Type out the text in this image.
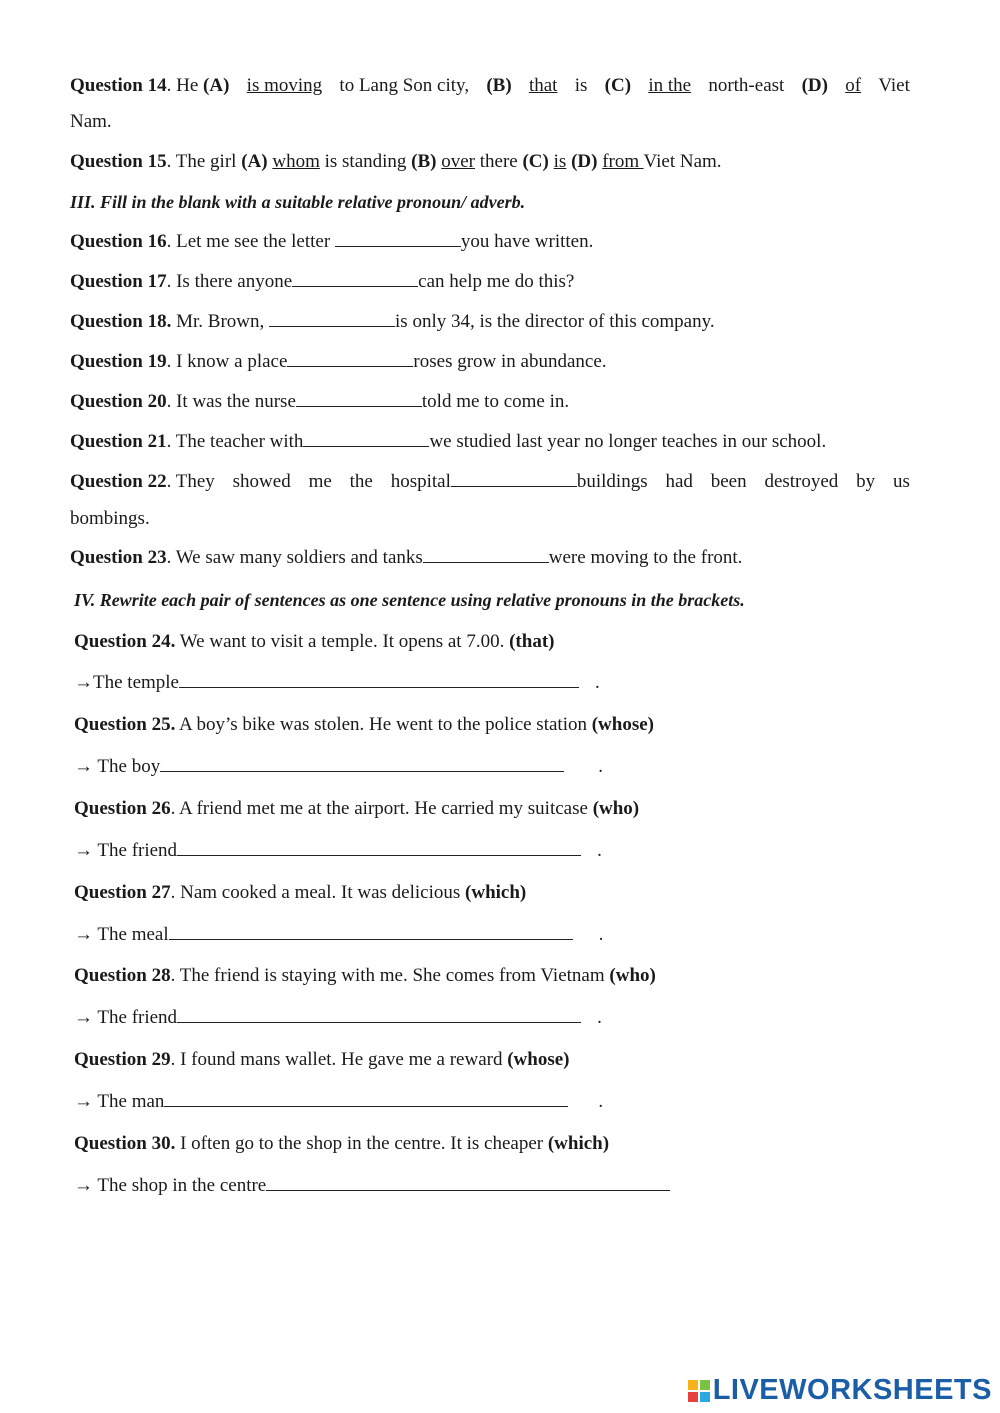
Question 14. He (A) is moving to Lang Son city, (B) that is (C) in the north-east (D) of Viet
Nam.
Question 15. The girl (A) whom is standing (B) over there (C) is (D) from Viet Nam.
III. Fill in the blank with a suitable relative pronoun/ adverb.
Question 16. Let me see the letter	you have written.
Question 17. Is there anyone	can help me do this?
Question 18. Mr. Brown,	is only 34, is the director of this company.
Question 19. I know a place	roses grow in abundance.
Question 20. It was the nurse	told me to come in.
Question 21. The teacher with	we studied last year no longer teaches in our school.
Question 22. They showed me the hospital	buildings had been destroyed by us
bombings.
Question 23. We saw many soldiers and tanks	were moving to the front.
IV. Rewrite each pair of sentences as one sentence using relative pronouns in the brackets.
Question 24. We want to visit a temple. It opens at 7.00. (that)
→The temple	.
Question 25. A boy’s bike was stolen. He went to the police station (whose)
→ The boy	.
Question 26. A friend met me at the airport. He carried my suitcase (who)
→ The friend	.
Question 27. Nam cooked a meal. It was delicious (which)
→ The meal	.
Question 28. The friend is staying with me. She comes from Vietnam (who)
→ The friend	.
Question 29. I found mans wallet. He gave me a reward (whose)
→ The man	.
Question 30. I often go to the shop in the centre. It is cheaper (which)
→ The shop in the centre
LIVEWORKSHEETS
